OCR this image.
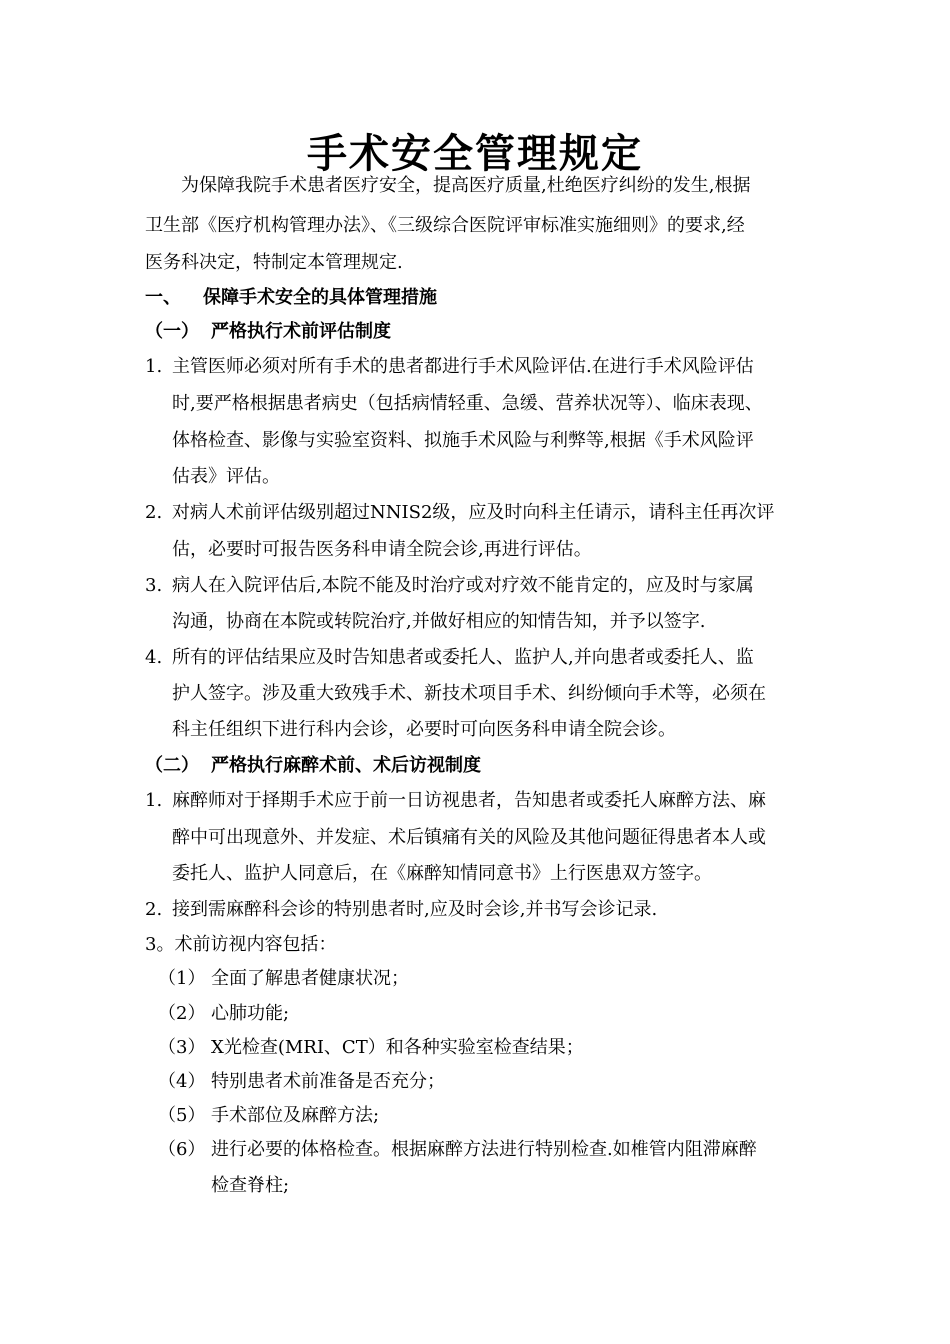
手术安全管理规定
为保障我院手术患者医疗安全，提高医疗质量,杜绝医疗纠纷的发生,根据
卫生部《医疗机构管理办法》、《三级综合医院评审标准实施细则》的要求,经
医务科决定，特制定本管理规定.
一、 保障手术安全的具体管理措施
（一） 严格执行术前评估制度
1. 主管医师必须对所有手术的患者都进行手术风险评估.在进行手术风险评估
时,要严格根据患者病史（包括病情轻重、急缓、营养状况等）、临床表现、
体格检查、影像与实验室资料、拟施手术风险与利弊等,根据《手术风险评
估表》评估。
2. 对病人术前评估级别超过NNIS2级，应及时向科主任请示，请科主任再次评
估，必要时可报告医务科申请全院会诊,再进行评估。
3. 病人在入院评估后,本院不能及时治疗或对疗效不能肯定的，应及时与家属
沟通，协商在本院或转院治疗,并做好相应的知情告知，并予以签字.
4. 所有的评估结果应及时告知患者或委托人、监护人,并向患者或委托人、监
护人签字。涉及重大致残手术、新技术项目手术、纠纷倾向手术等，必须在
科主任组织下进行科内会诊，必要时可向医务科申请全院会诊。
（二） 严格执行麻醉术前、术后访视制度
1. 麻醉师对于择期手术应于前一日访视患者，告知患者或委托人麻醉方法、麻
醉中可出现意外、并发症、术后镇痛有关的风险及其他问题征得患者本人或
委托人、监护人同意后，在《麻醉知情同意书》上行医患双方签字。
2. 接到需麻醉科会诊的特别患者时,应及时会诊,并书写会诊记录.
3。术前访视内容包括：
（1） 全面了解患者健康状况；
（2） 心肺功能;
（3） X光检查(MRI、CT）和各种实验室检查结果；
（4） 特别患者术前准备是否充分；
（5） 手术部位及麻醉方法;
（6） 进行必要的体格检查。根据麻醉方法进行特别检查.如椎管内阻滞麻醉
检查脊柱;
